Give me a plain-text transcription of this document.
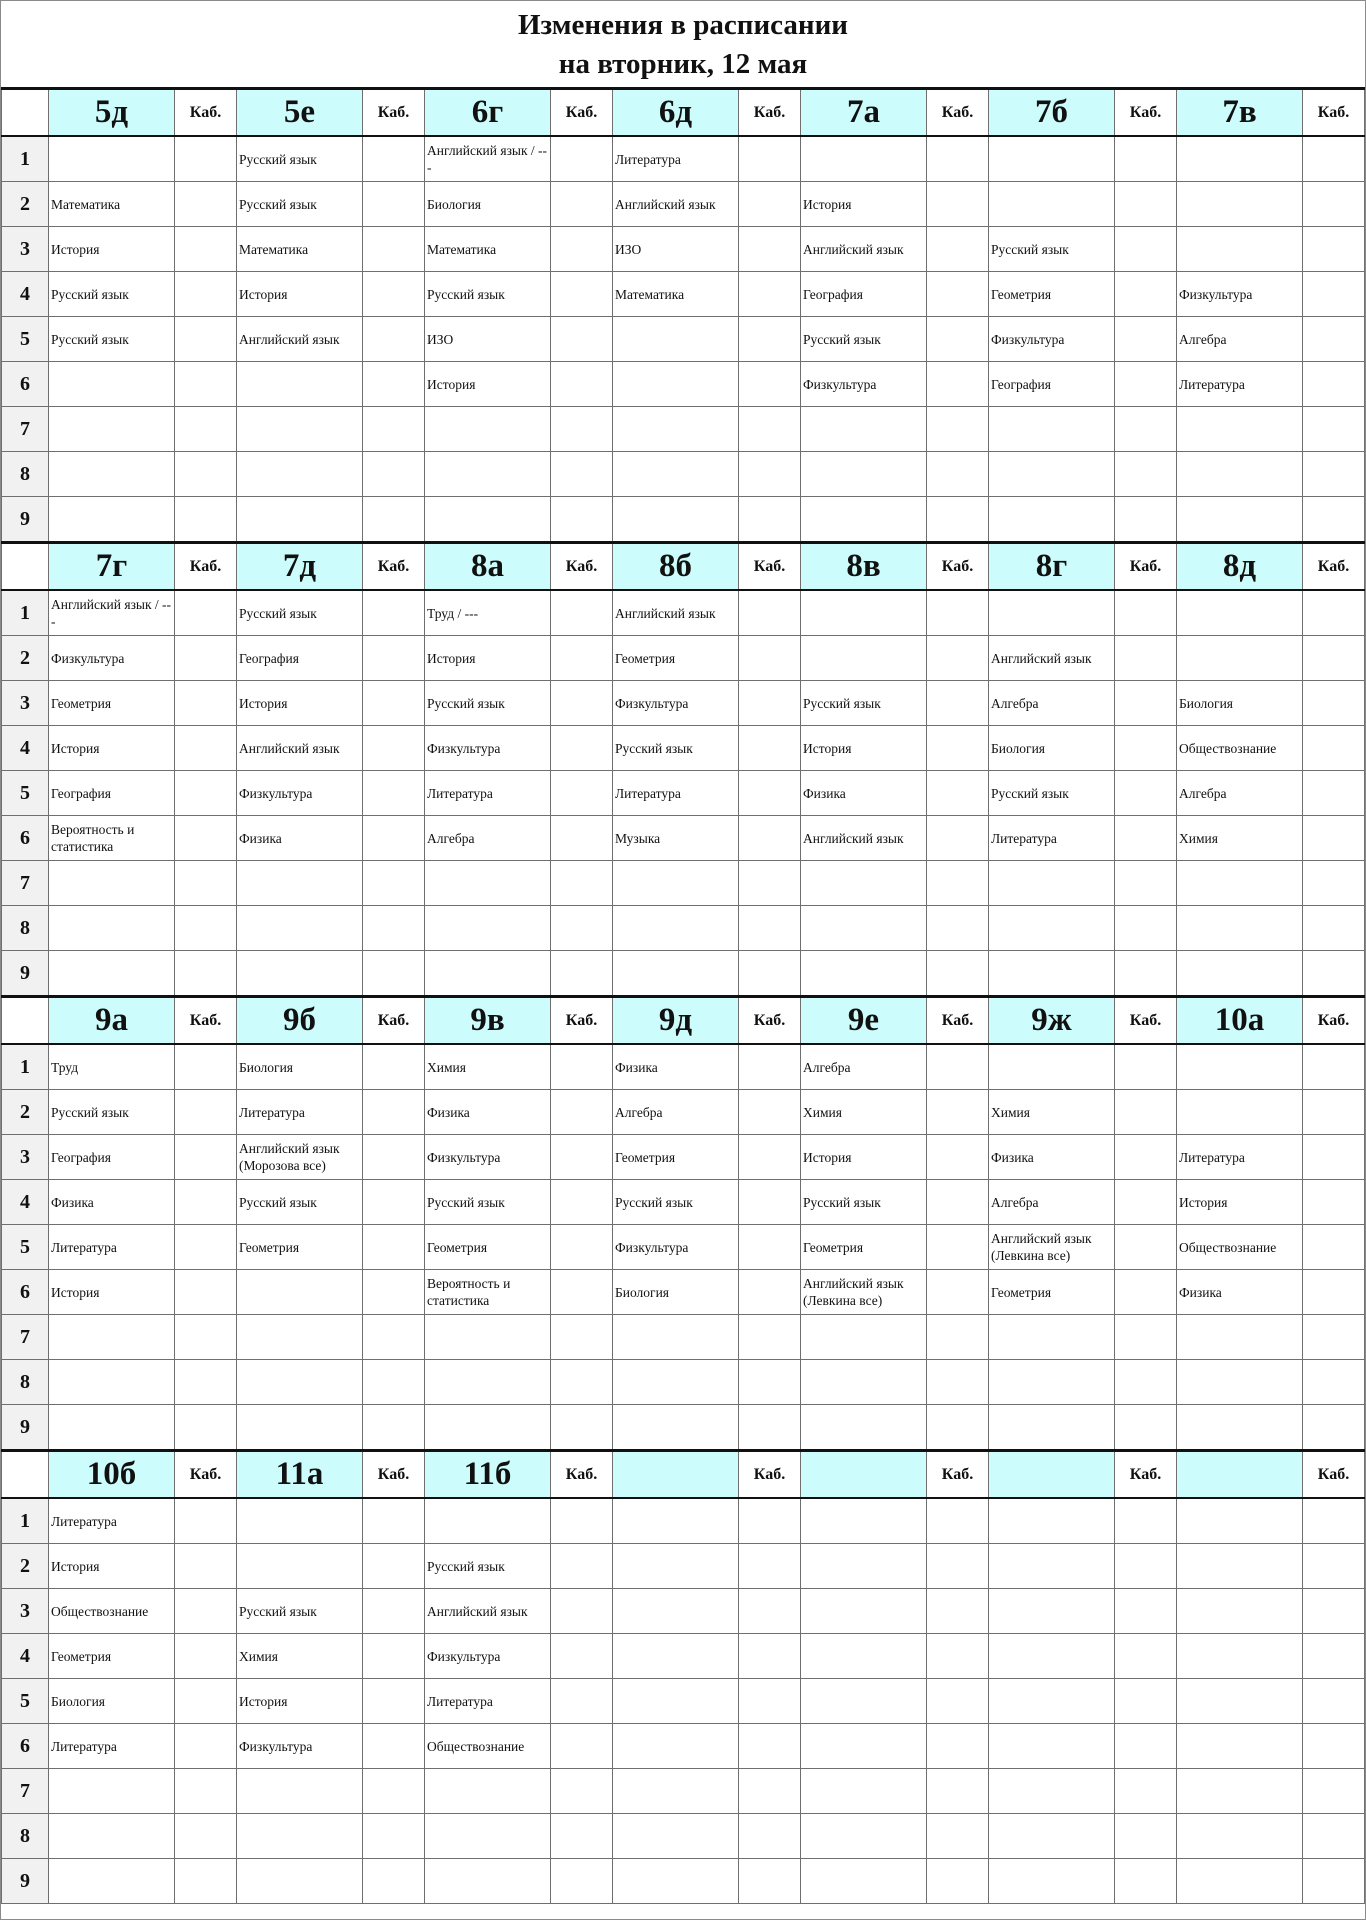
Изменения в расписании
на вторник, 12 мая
	5д	Каб.	5е	Каб.	6г	Каб.	6д	Каб.	7а	Каб.	7б	Каб.	7в	Каб.
1			Русский язык		Английский язык / ---		Литература							

2	Математика		Русский язык		Биология		Английский язык		История					

3	История		Математика		Математика		ИЗО		Английский язык		Русский язык			

4	Русский язык		История		Русский язык		Математика		География		Геометрия		Физкультура	

5	Русский язык		Английский язык		ИЗО				Русский язык		Физкультура		Алгебра	

6					История				Физкультура		География		Литература	

7	

8	

9	

	7г	Каб.	7д	Каб.	8а	Каб.	8б	Каб.	8в	Каб.	8г	Каб.	8д	Каб.
1	Английский язык / ---		Русский язык		Труд / ---		Английский язык							

2	Физкультура		География		История		Геометрия				Английский язык			

3	Геометрия		История		Русский язык		Физкультура		Русский язык		Алгебра		Биология	

4	История		Английский язык		Физкультура		Русский язык		История		Биология		Обществознание	

5	География		Физкультура		Литература		Литература		Физика		Русский язык		Алгебра	

6	Вероятность и статистика		Физика		Алгебра		Музыка		Английский язык		Литература		Химия	

7	

8	

9	

	9а	Каб.	9б	Каб.	9в	Каб.	9д	Каб.	9е	Каб.	9ж	Каб.	10а	Каб.
1	Труд		Биология		Химия		Физика		Алгебра					

2	Русский язык		Литература		Физика		Алгебра		Химия		Химия			

3	География		Английский язык (Морозова все)		Физкультура		Геометрия		История		Физика		Литература	

4	Физика		Русский язык		Русский язык		Русский язык		Русский язык		Алгебра		История	

5	Литература		Геометрия		Геометрия		Физкультура		Геометрия		Английский язык (Левкина все)		Обществознание	

6	История				Вероятность и статистика		Биология		Английский язык (Левкина все)		Геометрия		Физика	

7	

8	

9	

	10б	Каб.	11а	Каб.	11б	Каб.		Каб.		Каб.		Каб.		Каб.
1	Литература													

2	История				Русский язык									

3	Обществознание		Русский язык		Английский язык									

4	Геометрия		Химия		Физкультура									

5	Биология		История		Литература									

6	Литература		Физкультура		Обществознание									

7	

8	

9	
